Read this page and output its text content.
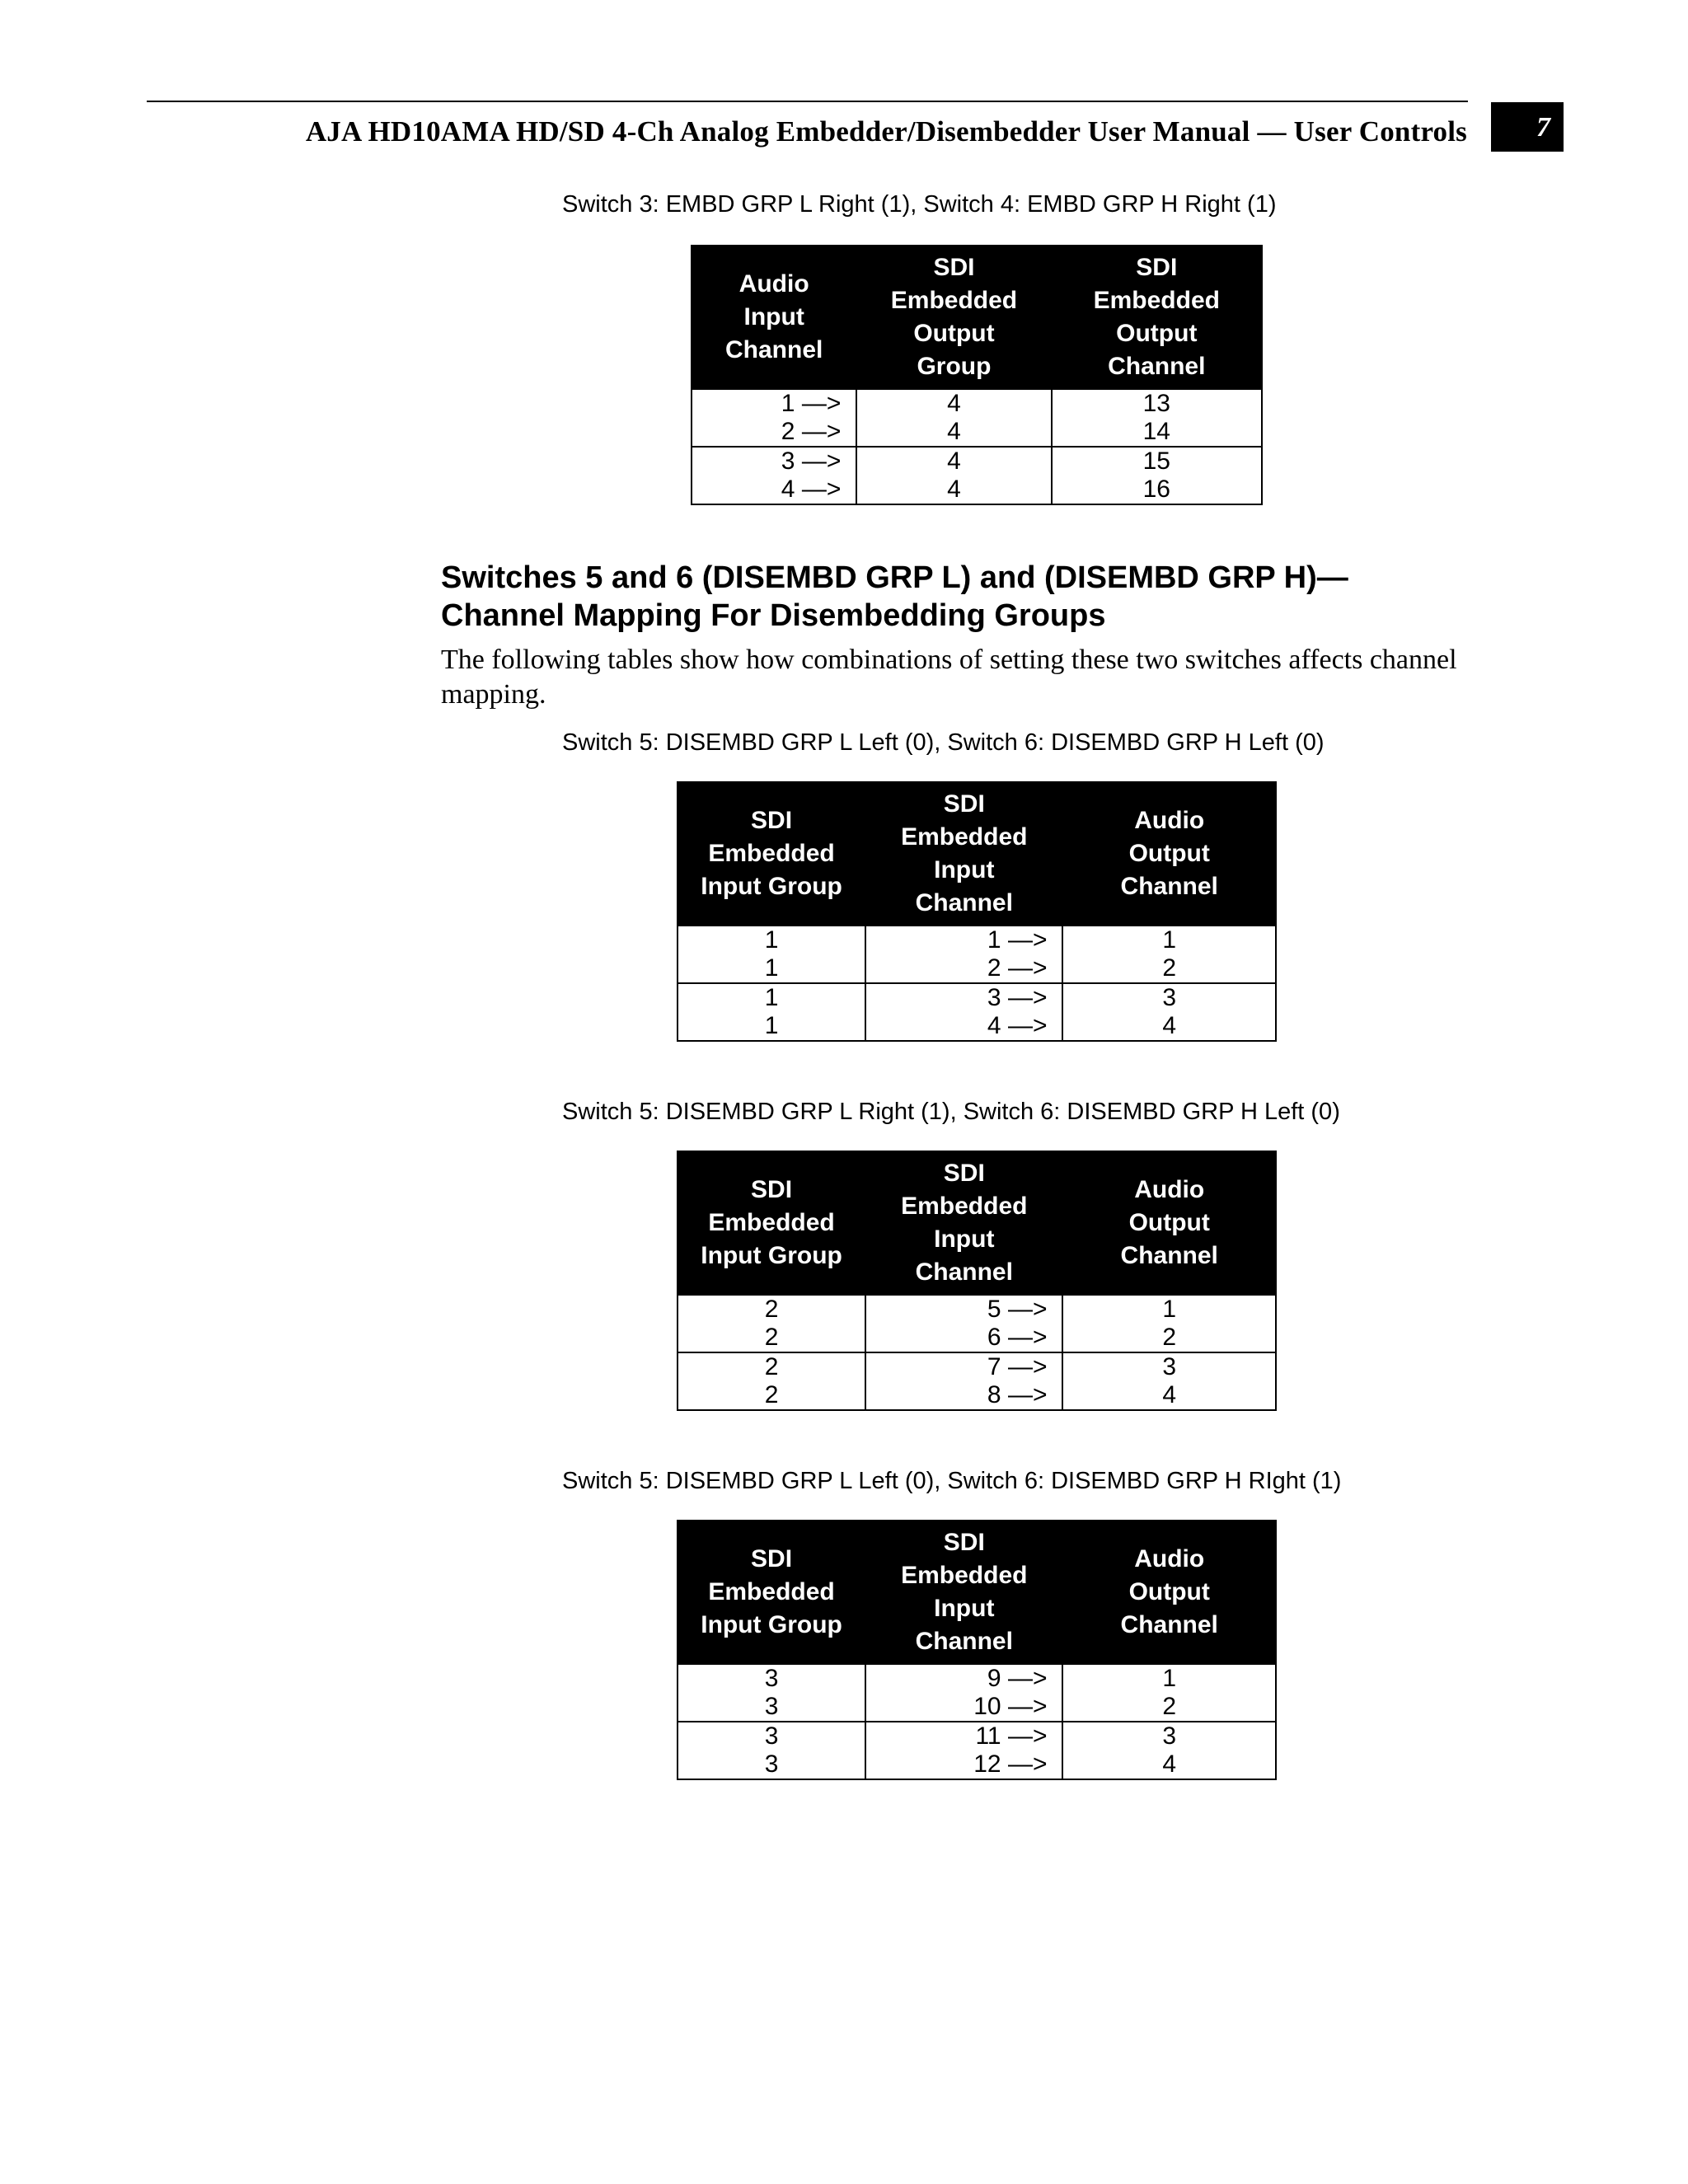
AJA HD10AMA HD/SD 4-Ch Analog Embedder/Disembedder User Manual — User Controls	7
Switch 3: EMBD GRP L Right (1), Switch 4: EMBD GRP H Right (1)
Audio Input Channel	SDI Embedded Output Group	SDI Embedded Output Channel
1 —>	4	13
2 —>	4	14
3 —>	4	15
4 —>	4	16
Switches 5 and 6 (DISEMBD GRP L) and (DISEMBD GRP H)—
Channel Mapping For Disembedding Groups

The following tables show how combinations of setting these two switches affects channel mapping.

Switch 5: DISEMBD GRP L Left (0), Switch 6: DISEMBD GRP H Left (0)
SDI Embedded Input Group	SDI Embedded Input Channel	Audio Output Channel
1	1 —>	1
1	2 —>	2
1	3 —>	3
1	4 —>	4
Switch 5: DISEMBD GRP L Right (1), Switch 6: DISEMBD GRP H Left (0)
SDI Embedded Input Group	SDI Embedded Input Channel	Audio Output Channel
2	5 —>	1
2	6 —>	2
2	7 —>	3
2	8 —>	4
Switch 5: DISEMBD GRP L Left (0), Switch 6: DISEMBD GRP H RIght (1)
SDI Embedded Input Group	SDI Embedded Input Channel	Audio Output Channel
3	9 —>	1
3	10 —>	2
3	11 —>	3
3	12 —>	4
